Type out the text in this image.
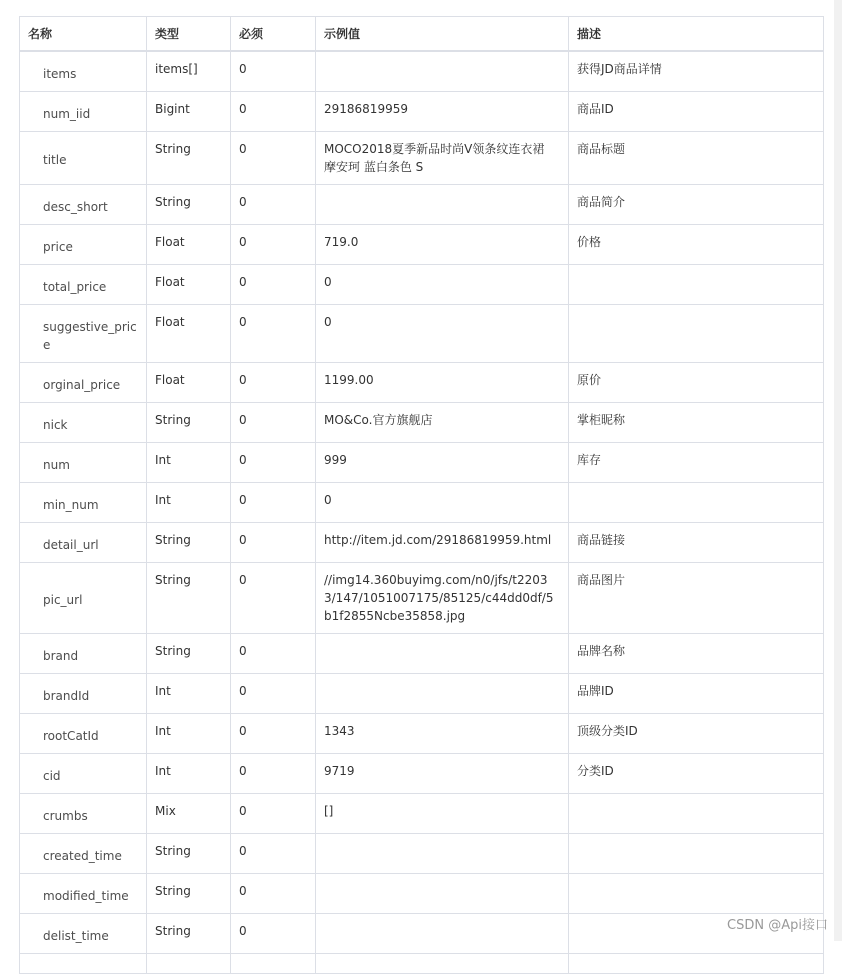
名称	类型	必须	示例值	描述
items	items[]	0		获得JD商品详情
num_iid	Bigint	0	29186819959	商品ID
title	String	0	MOCO2018夏季新品时尚V领条纹连衣裙 摩安珂 蓝白条色 S	商品标题
desc_short	String	0		商品简介
price	Float	0	719.0	价格
total_price	Float	0	0	
suggestive_price	Float	0	0	
orginal_price	Float	0	1199.00	原价
nick	String	0	MO&Co.官方旗舰店	掌柜昵称
num	Int	0	999	库存
min_num	Int	0	0	
detail_url	String	0	http://item.jd.com/29186819959.html	商品链接
pic_url	String	0	//img14.360buyimg.com/n0/jfs/t22033/147/1051007175/85125/c44dd0df/5b1f2855Ncbe35858.jpg	商品图片
brand	String	0		品牌名称
brandId	Int	0		品牌ID
rootCatId	Int	0	1343	顶级分类ID
cid	Int	0	9719	分类ID
crumbs	Mix	0	[]	
created_time	String	0		
modified_time	String	0		
delist_time	String	0		
					CSDN @Api接口
